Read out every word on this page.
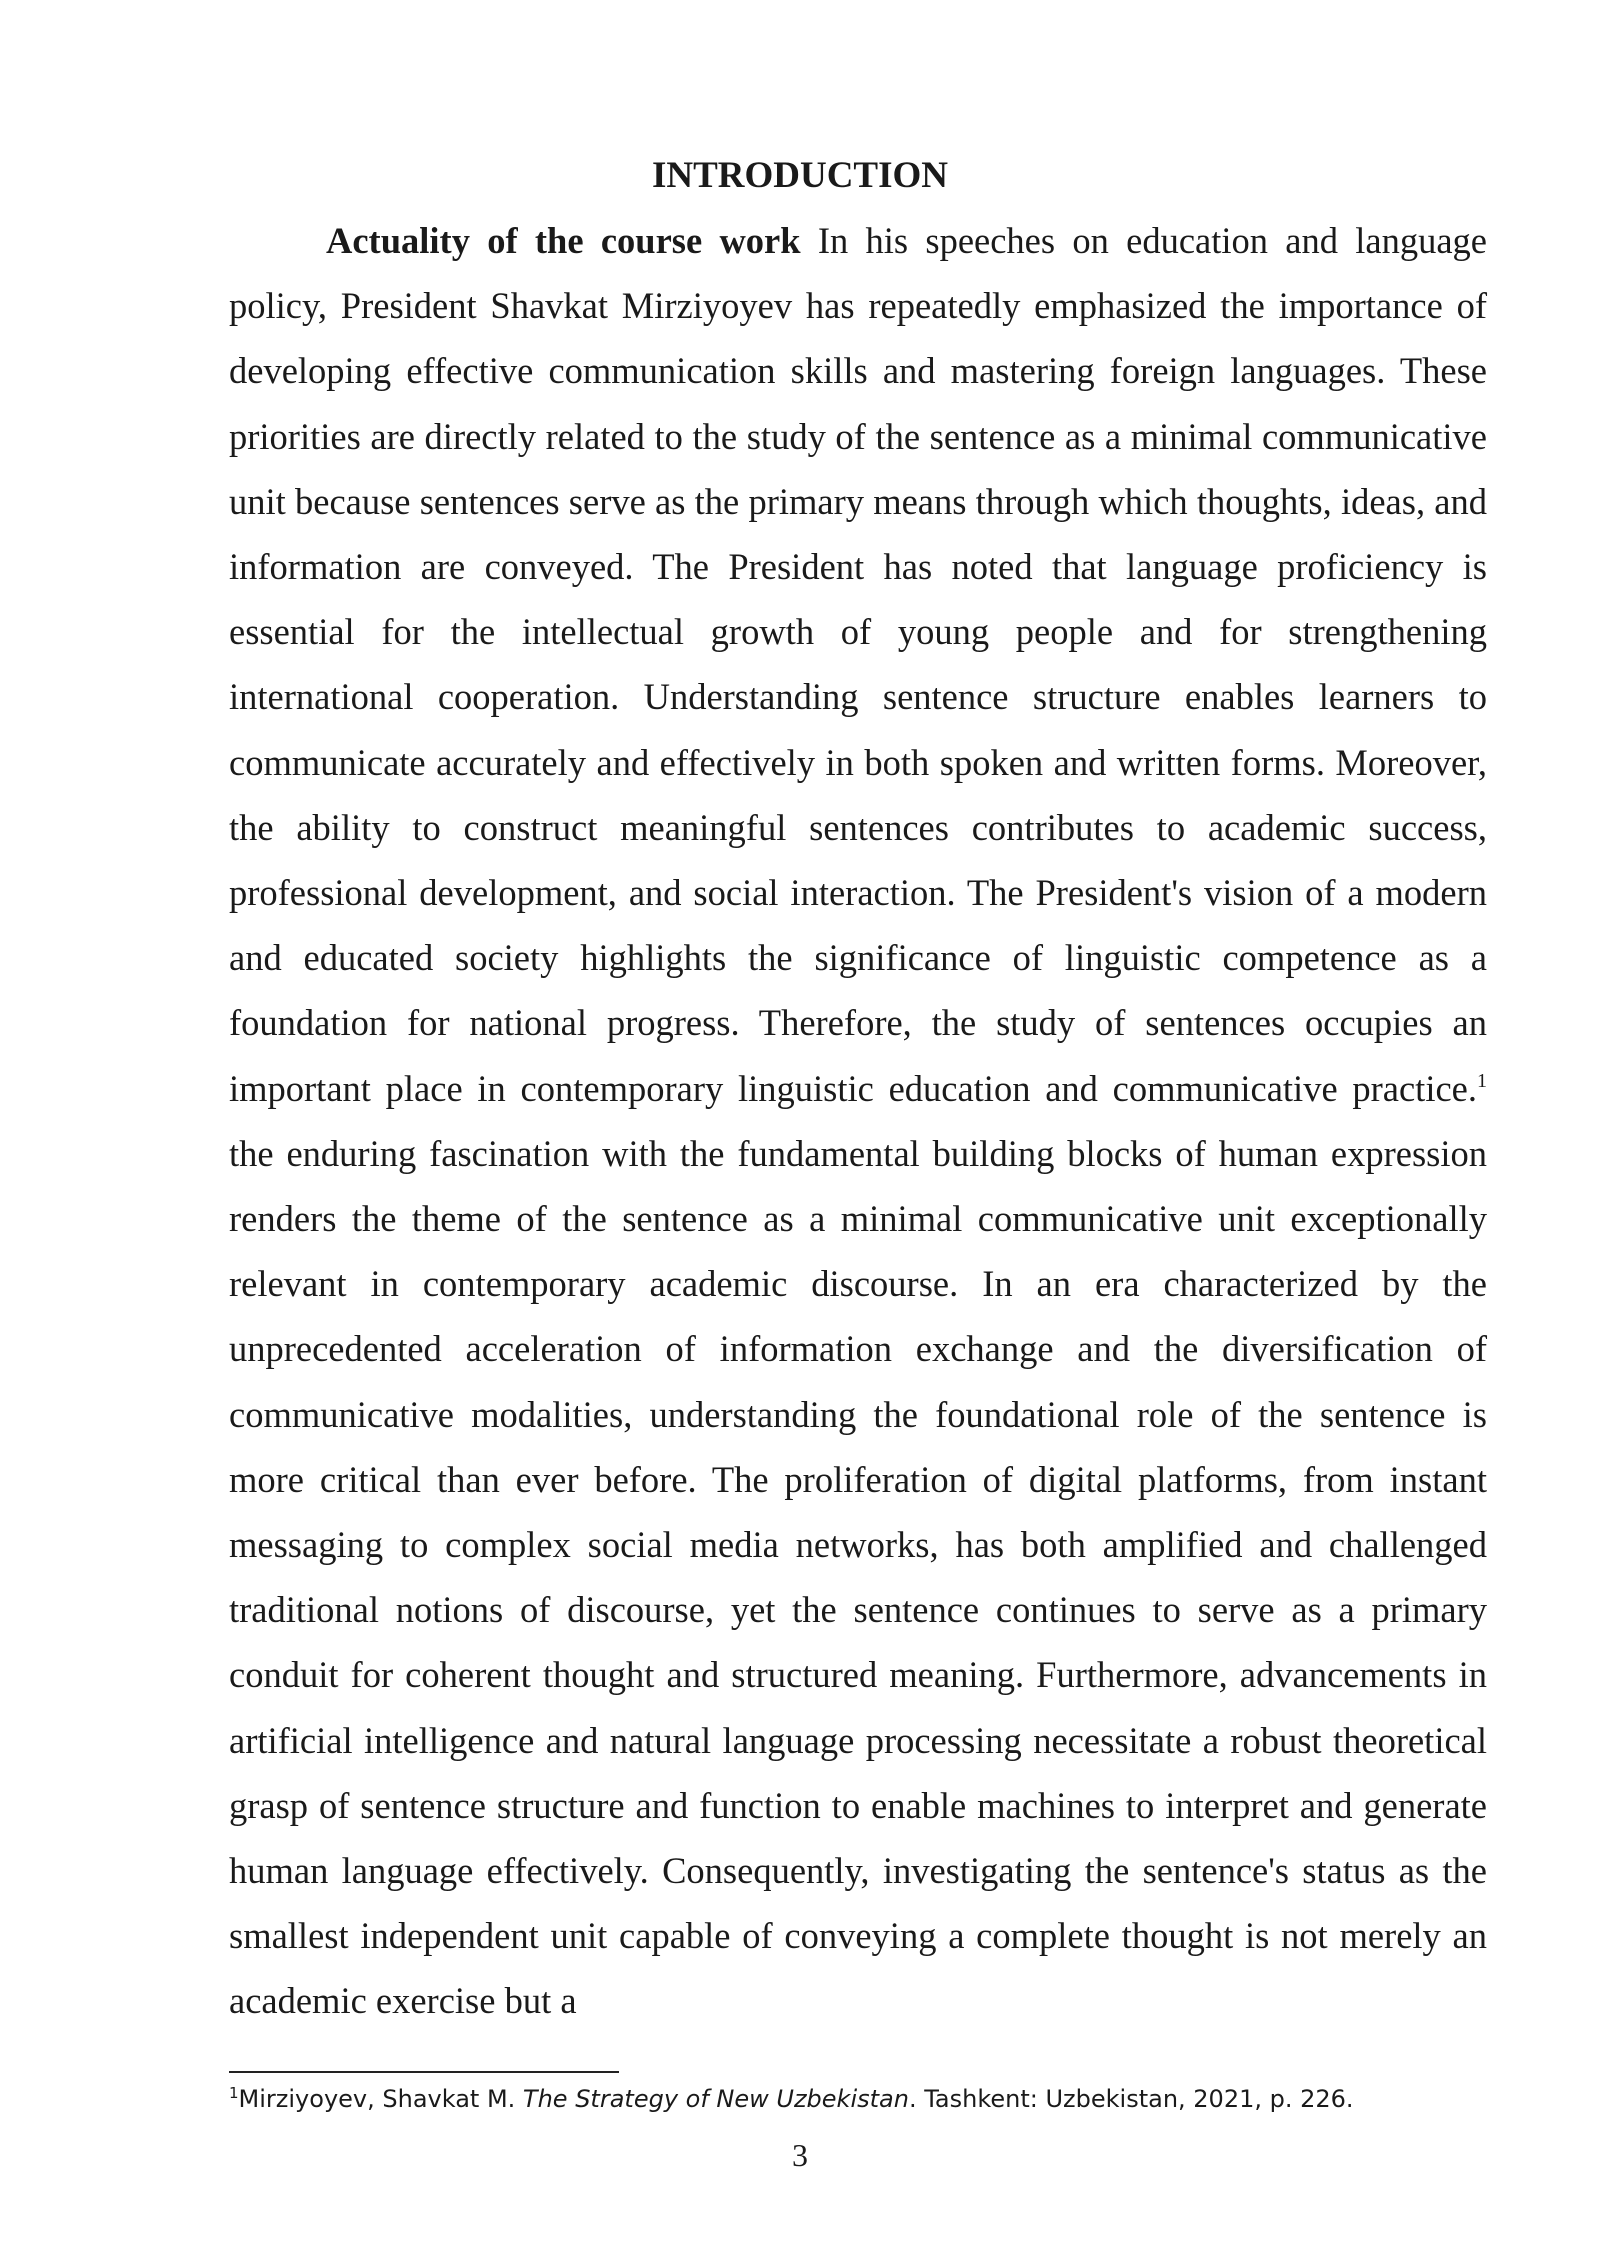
INTRODUCTION

Actuality of the course work In his speeches on education and language policy, President Shavkat Mirziyoyev has repeatedly emphasized the importance of developing effective communication skills and mastering foreign languages. These priorities are directly related to the study of the sentence as a minimal communicative unit because sentences serve as the primary means through which thoughts, ideas, and information are conveyed. The President has noted that language proficiency is essential for the intellectual growth of young people and for strengthening international cooperation. Understanding sentence structure enables learners to communicate accurately and effectively in both spoken and written forms. Moreover, the ability to construct meaningful sentences contributes to academic success, professional development, and social interaction. The President's vision of a modern and educated society highlights the significance of linguistic competence as a foundation for national progress. Therefore, the study of sentences occupies an important place in contemporary linguistic education and communicative practice.$^1$ the enduring fascination with the fundamental building blocks of human expression renders the theme of the sentence as a minimal communicative unit exceptionally relevant in contemporary academic discourse. In an era characterized by the unprecedented acceleration of information exchange and the diversification of communicative modalities, understanding the foundational role of the sentence is more critical than ever before. The proliferation of digital platforms, from instant messaging to complex social media networks, has both amplified and challenged traditional notions of discourse, yet the sentence continues to serve as a primary conduit for coherent thought and structured meaning. Furthermore, advancements in artificial intelligence and natural language processing necessitate a robust theoretical grasp of sentence structure and function to enable machines to interpret and generate human language effectively. Consequently, investigating the sentence's status as the smallest independent unit capable of conveying a complete thought is not merely an academic exercise but a

$^1$Mirziyoyev, Shavkat M. The Strategy of New Uzbekistan. Tashkent: Uzbekistan, 2021, p. 226.

3
